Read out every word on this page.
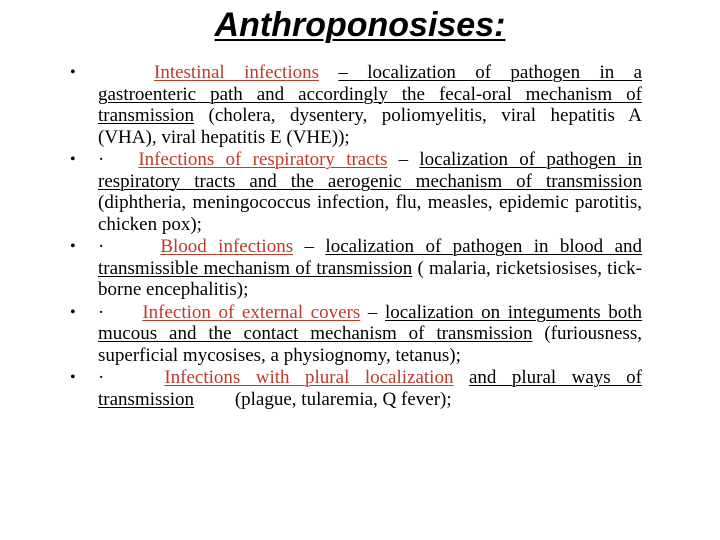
Anthroponosises:
•	Intestinal infections – localization of pathogen in a gastroenteric path and accordingly the fecal-oral mechanism of transmission (cholera, dysentery, poliomyelitis, viral hepatitis A (VHA), viral hepatitis E (VHE));
•	· Infections of respiratory tracts – localization of pathogen in respiratory tracts and the aerogenic mechanism of transmission (diphtheria, meningococcus infection, flu, measles, epidemic parotitis, chicken pox);
•	·	Blood infections – localization of pathogen in blood and transmissible mechanism of transmission ( malaria, ricketsiosises, tick-borne encephalitis);
•	· Infection of external covers – localization on integuments both mucous and the contact mechanism of transmission (furiousness, superficial mycosises, a physiognomy, tetanus);
•	·	Infections with plural localization and plural ways of transmission (plague, tularemia, Q fever);
